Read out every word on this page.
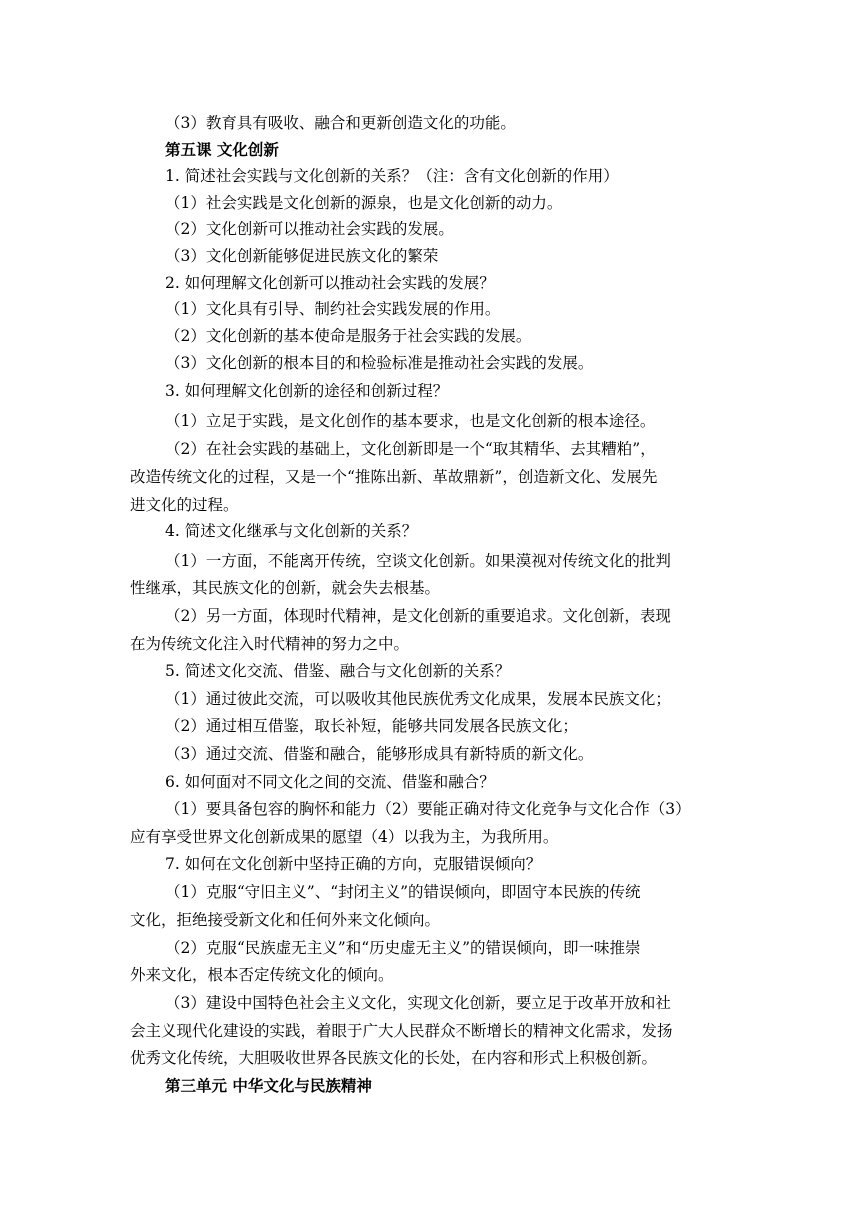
（3）教育具有吸收、融合和更新创造文化的功能。
第五课 文化创新
1. 简述社会实践与文化创新的关系？（注：含有文化创新的作用）
（1）社会实践是文化创新的源泉，也是文化创新的动力。
（2）文化创新可以推动社会实践的发展。
（3）文化创新能够促进民族文化的繁荣
2. 如何理解文化创新可以推动社会实践的发展？
（1）文化具有引导、制约社会实践发展的作用。
（2）文化创新的基本使命是服务于社会实践的发展。
（3）文化创新的根本目的和检验标准是推动社会实践的发展。
3. 如何理解文化创新的途径和创新过程？
（1）立足于实践，是文化创作的基本要求，也是文化创新的根本途径。
（2）在社会实践的基础上，文化创新即是一个“取其精华、去其糟粕”，
改造传统文化的过程，又是一个“推陈出新、革故鼎新”，创造新文化、发展先
进文化的过程。
4. 简述文化继承与文化创新的关系？
（1）一方面，不能离开传统，空谈文化创新。如果漠视对传统文化的批判
性继承，其民族文化的创新，就会失去根基。
（2）另一方面，体现时代精神，是文化创新的重要追求。文化创新，表现
在为传统文化注入时代精神的努力之中。
5. 简述文化交流、借鉴、融合与文化创新的关系？
（1）通过彼此交流，可以吸收其他民族优秀文化成果，发展本民族文化；
（2）通过相互借鉴，取长补短，能够共同发展各民族文化；
（3）通过交流、借鉴和融合，能够形成具有新特质的新文化。
6. 如何面对不同文化之间的交流、借鉴和融合？
（1）要具备包容的胸怀和能力（2）要能正确对待文化竞争与文化合作（3）
应有享受世界文化创新成果的愿望（4）以我为主，为我所用。
7. 如何在文化创新中坚持正确的方向，克服错误倾向？
（1）克服“守旧主义”、“封闭主义”的错误倾向，即固守本民族的传统
文化，拒绝接受新文化和任何外来文化倾向。
（2）克服“民族虚无主义”和“历史虚无主义”的错误倾向，即一味推崇
外来文化，根本否定传统文化的倾向。
（3）建设中国特色社会主义文化，实现文化创新，要立足于改革开放和社
会主义现代化建设的实践，着眼于广大人民群众不断增长的精神文化需求，发扬
优秀文化传统，大胆吸收世界各民族文化的长处，在内容和形式上积极创新。
第三单元 中华文化与民族精神
